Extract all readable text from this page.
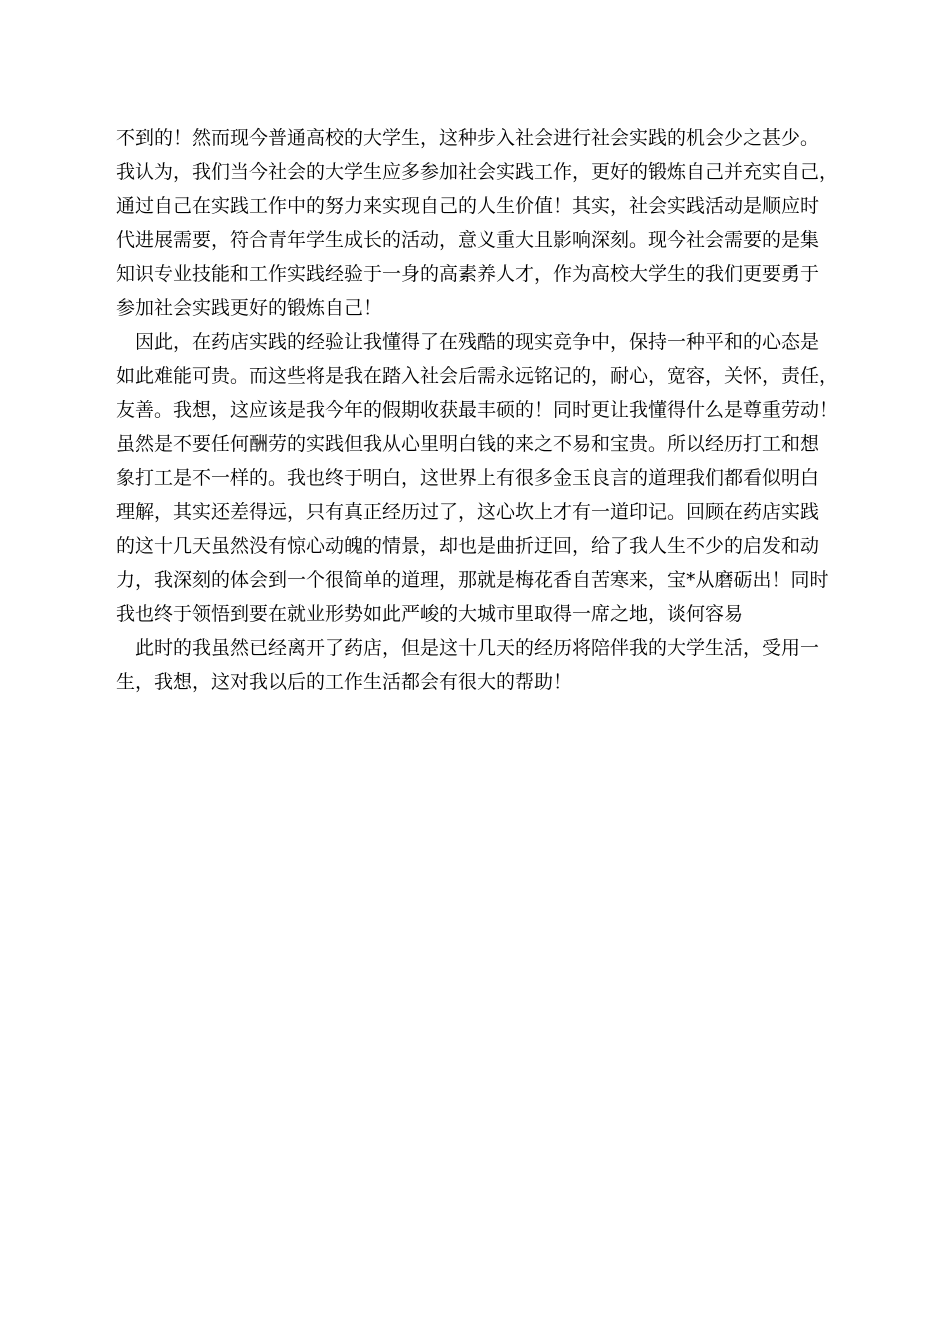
不到的！然而现今普通高校的大学生，这种步入社会进行社会实践的机会少之甚少。
我认为，我们当今社会的大学生应多参加社会实践工作，更好的锻炼自己并充实自己，
通过自己在实践工作中的努力来实现自己的人生价值！其实，社会实践活动是顺应时
代进展需要，符合青年学生成长的活动，意义重大且影响深刻。现今社会需要的是集
知识专业技能和工作实践经验于一身的高素养人才，作为高校大学生的我们更要勇于
参加社会实践更好的锻炼自己！
因此，在药店实践的经验让我懂得了在残酷的现实竞争中，保持一种平和的心态是
如此难能可贵。而这些将是我在踏入社会后需永远铭记的，耐心，宽容，关怀，责任，
友善。我想，这应该是我今年的假期收获最丰硕的！同时更让我懂得什么是尊重劳动！
虽然是不要任何酬劳的实践但我从心里明白钱的来之不易和宝贵。所以经历打工和想
象打工是不一样的。我也终于明白，这世界上有很多金玉良言的道理我们都看似明白
理解，其实还差得远，只有真正经历过了，这心坎上才有一道印记。回顾在药店实践
的这十几天虽然没有惊心动魄的情景，却也是曲折迂回，给了我人生不少的启发和动
力，我深刻的体会到一个很简单的道理，那就是梅花香自苦寒来，宝*从磨砺出！同时
我也终于领悟到要在就业形势如此严峻的大城市里取得一席之地，谈何容易
此时的我虽然已经离开了药店，但是这十几天的经历将陪伴我的大学生活，受用一
生，我想，这对我以后的工作生活都会有很大的帮助！
